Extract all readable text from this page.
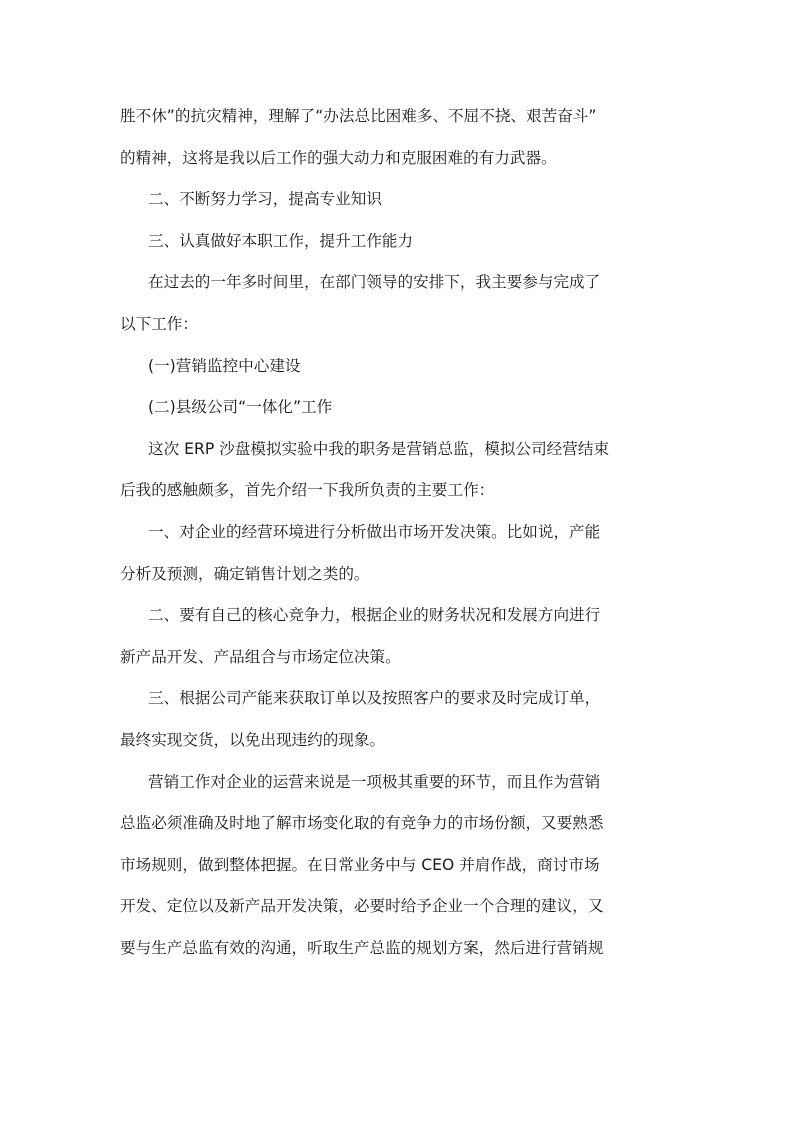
胜不休”的抗灾精神，理解了“办法总比困难多、不屈不挠、艰苦奋斗”

的精神，这将是我以后工作的强大动力和克服困难的有力武器。

二、不断努力学习，提高专业知识

三、认真做好本职工作，提升工作能力

在过去的一年多时间里，在部门领导的安排下，我主要参与完成了

以下工作：

(一)营销监控中心建设

(二)县级公司“一体化”工作

这次 ERP 沙盘模拟实验中我的职务是营销总监，模拟公司经营结束

后我的感触颇多，首先介绍一下我所负责的主要工作：

一、对企业的经营环境进行分析做出市场开发决策。比如说，产能

分析及预测，确定销售计划之类的。

二、要有自己的核心竞争力，根据企业的财务状况和发展方向进行

新产品开发、产品组合与市场定位决策。

三、根据公司产能来获取订单以及按照客户的要求及时完成订单，

最终实现交货，以免出现违约的现象。

营销工作对企业的运营来说是一项极其重要的环节，而且作为营销

总监必须准确及时地了解市场变化取的有竞争力的市场份额，又要熟悉

市场规则，做到整体把握。在日常业务中与 CEO 并肩作战，商讨市场

开发、定位以及新产品开发决策，必要时给予企业一个合理的建议，又

要与生产总监有效的沟通，听取生产总监的规划方案，然后进行营销规
